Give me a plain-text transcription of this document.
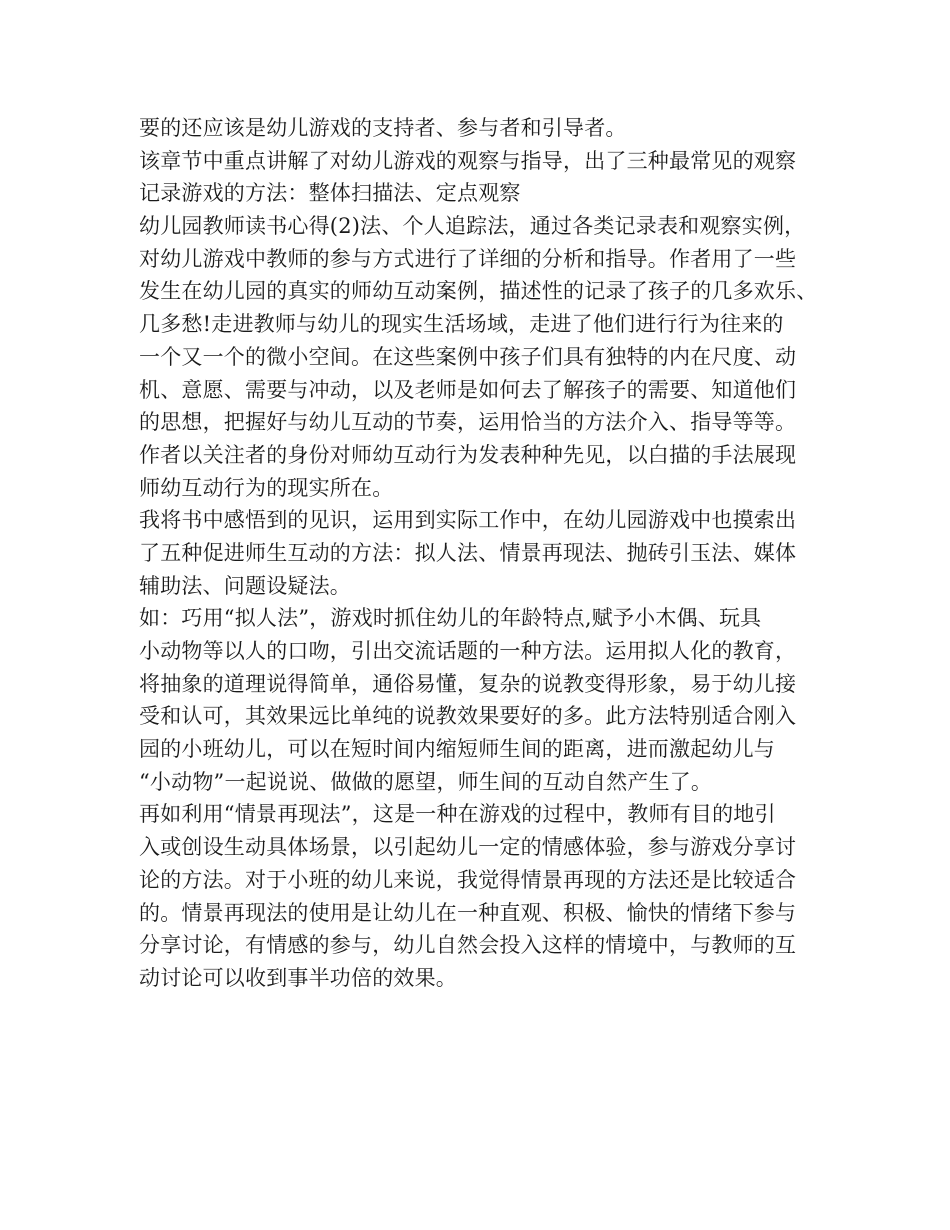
要的还应该是幼儿游戏的支持者、参与者和引导者。
该章节中重点讲解了对幼儿游戏的观察与指导，出了三种最常见的观察
记录游戏的方法：整体扫描法、定点观察
幼儿园教师读书心得(2)法、个人追踪法，通过各类记录表和观察实例，
对幼儿游戏中教师的参与方式进行了详细的分析和指导。作者用了一些
发生在幼儿园的真实的师幼互动案例，描述性的记录了孩子的几多欢乐、
几多愁!走进教师与幼儿的现实生活场域，走进了他们进行行为往来的
一个又一个的微小空间。在这些案例中孩子们具有独特的内在尺度、动
机、意愿、需要与冲动，以及老师是如何去了解孩子的需要、知道他们
的思想，把握好与幼儿互动的节奏，运用恰当的方法介入、指导等等。
作者以关注者的身份对师幼互动行为发表种种先见，以白描的手法展现
师幼互动行为的现实所在。
我将书中感悟到的见识，运用到实际工作中，在幼儿园游戏中也摸索出
了五种促进师生互动的方法：拟人法、情景再现法、抛砖引玉法、媒体
辅助法、问题设疑法。
如：巧用“拟人法”，游戏时抓住幼儿的年龄特点,赋予小木偶、玩具
小动物等以人的口吻，引出交流话题的一种方法。运用拟人化的教育，
将抽象的道理说得简单，通俗易懂，复杂的说教变得形象，易于幼儿接
受和认可，其效果远比单纯的说教效果要好的多。此方法特别适合刚入
园的小班幼儿，可以在短时间内缩短师生间的距离，进而激起幼儿与
“小动物”一起说说、做做的愿望，师生间的互动自然产生了。
再如利用“情景再现法”，这是一种在游戏的过程中，教师有目的地引
入或创设生动具体场景，以引起幼儿一定的情感体验，参与游戏分享讨
论的方法。对于小班的幼儿来说，我觉得情景再现的方法还是比较适合
的。情景再现法的使用是让幼儿在一种直观、积极、愉快的情绪下参与
分享讨论，有情感的参与，幼儿自然会投入这样的情境中，与教师的互
动讨论可以收到事半功倍的效果。
